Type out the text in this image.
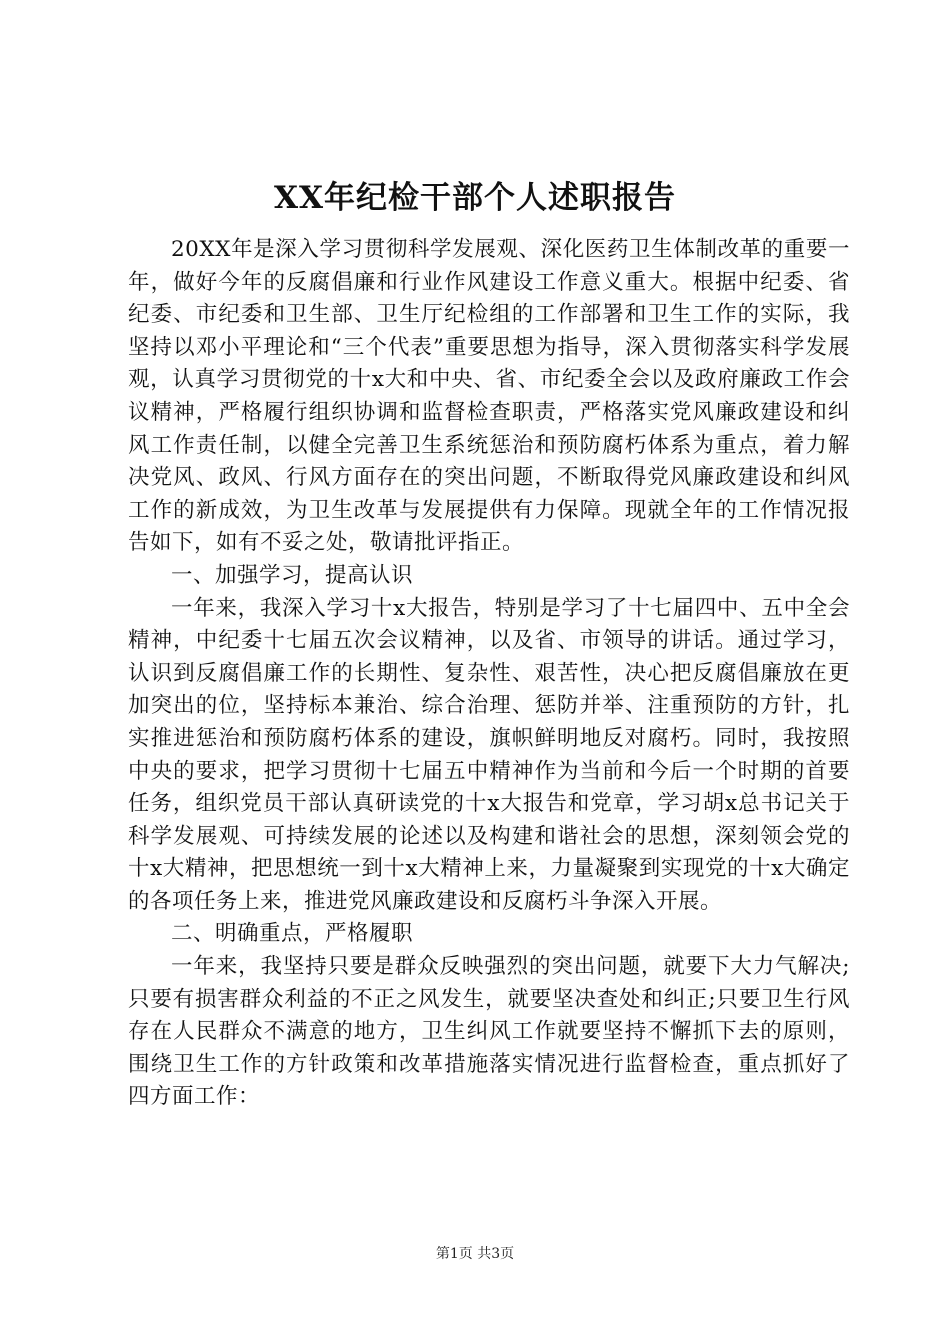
XX年纪检干部个人述职报告

20XX年是深入学习贯彻科学发展观、深化医药卫生体制改革的重要一年，做好今年的反腐倡廉和行业作风建设工作意义重大。根据中纪委、省纪委、市纪委和卫生部、卫生厅纪检组的工作部署和卫生工作的实际，我坚持以邓小平理论和“三个代表”重要思想为指导，深入贯彻落实科学发展观，认真学习贯彻党的十x大和中央、省、市纪委全会以及政府廉政工作会议精神，严格履行组织协调和监督检查职责，严格落实党风廉政建设和纠风工作责任制，以健全完善卫生系统惩治和预防腐朽体系为重点，着力解决党风、政风、行风方面存在的突出问题，不断取得党风廉政建设和纠风工作的新成效，为卫生改革与发展提供有力保障。现就全年的工作情况报告如下，如有不妥之处，敬请批评指正。

一、加强学习，提高认识

一年来，我深入学习十x大报告，特别是学习了十七届四中、五中全会精神，中纪委十七届五次会议精神，以及省、市领导的讲话。通过学习，认识到反腐倡廉工作的长期性、复杂性、艰苦性，决心把反腐倡廉放在更加突出的位，坚持标本兼治、综合治理、惩防并举、注重预防的方针，扎实推进惩治和预防腐朽体系的建设，旗帜鲜明地反对腐朽。同时，我按照中央的要求，把学习贯彻十七届五中精神作为当前和今后一个时期的首要任务，组织党员干部认真研读党的十x大报告和党章，学习胡x总书记关于科学发展观、可持续发展的论述以及构建和谐社会的思想，深刻领会党的十x大精神，把思想统一到十x大精神上来，力量凝聚到实现党的十x大确定的各项任务上来，推进党风廉政建设和反腐朽斗争深入开展。

二、明确重点，严格履职

一年来，我坚持只要是群众反映强烈的突出问题，就要下大力气解决;只要有损害群众利益的不正之风发生，就要坚决查处和纠正;只要卫生行风存在人民群众不满意的地方，卫生纠风工作就要坚持不懈抓下去的原则，围绕卫生工作的方针政策和改革措施落实情况进行监督检查，重点抓好了四方面工作：

第1页 共3页
